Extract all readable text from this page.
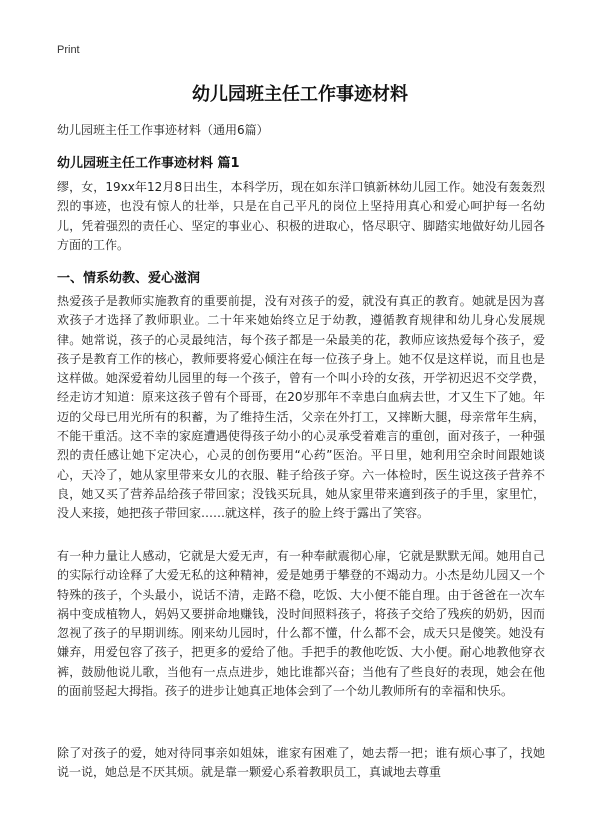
Print
幼儿园班主任工作事迹材料
幼儿园班主任工作事迹材料（通用6篇）
幼儿园班主任工作事迹材料 篇1

缪，女，19xx年12月8日出生，本科学历，现在如东洋口镇新林幼儿园工作。她没有轰轰烈烈的事迹，也没有惊人的壮举，只是在自己平凡的岗位上坚持用真心和爱心呵护每一名幼儿，凭着强烈的责任心、坚定的事业心、积极的进取心，恪尽职守、脚踏实地做好幼儿园各方面的工作。

一、情系幼教、爱心滋润

热爱孩子是教师实施教育的重要前提，没有对孩子的爱，就没有真正的教育。她就是因为喜欢孩子才选择了教师职业。二十年来她始终立足于幼教，遵循教育规律和幼儿身心发展规律。她常说，孩子的心灵最纯洁，每个孩子都是一朵最美的花，教师应该热爱每个孩子，爱孩子是教育工作的核心，教师要将爱心倾注在每一位孩子身上。她不仅是这样说，而且也是这样做。她深爱着幼儿园里的每一个孩子，曾有一个叫小玲的女孩，开学初迟迟不交学费，经走访才知道：原来这孩子曾有个哥哥，在20岁那年不幸患白血病去世，才又生下了她。年迈的父母已用光所有的积蓄，为了维持生活，父亲在外打工，又摔断大腿，母亲常年生病，不能干重活。这不幸的家庭遭遇使得孩子幼小的心灵承受着难言的重创，面对孩子，一种强烈的责任感让她下定决心，心灵的创伤要用“心药”医治。平日里，她利用空余时间跟她谈心，天冷了，她从家里带来女儿的衣服、鞋子给孩子穿。六一体检时，医生说这孩子营养不良，她又买了营养品给孩子带回家；没钱买玩具，她从家里带来適到孩子的手里，家里忙，没人来接，她把孩子带回家……就这样，孩子的脸上终于露出了笑容。

有一种力量让人感动，它就是大爱无声，有一种奉献震彻心扉，它就是默默无闻。她用自己的实际行动诠释了大爱无私的这种精神，爱是她勇于攀登的不竭动力。小杰是幼儿园又一个特殊的孩子，个头最小，说话不清，走路不稳，吃饭、大小便不能自理。由于爸爸在一次车祸中变成植物人，妈妈又要拼命地赚钱，没时间照料孩子，将孩子交给了残疾的奶奶，因而忽视了孩子的早期训练。刚来幼儿园时，什么都不懂，什么都不会，成天只是傻笑。她没有嫌弃，用爱包容了孩子，把更多的爱给了他。手把手的教他吃饭、大小便。耐心地教他穿衣裤，鼓励他说儿歌，当他有一点点进步，她比谁都兴奋；当他有了些良好的表现，她会在他的面前竖起大拇指。孩子的进步让她真正地体会到了一个幼儿教师所有的幸福和快乐。

除了对孩子的爱，她对待同事亲如姐妹，谁家有困难了，她去帮一把；谁有烦心事了，找她说一说，她总是不厌其烦。就是靠一颗爱心系着教职员工，真诚地去尊重
